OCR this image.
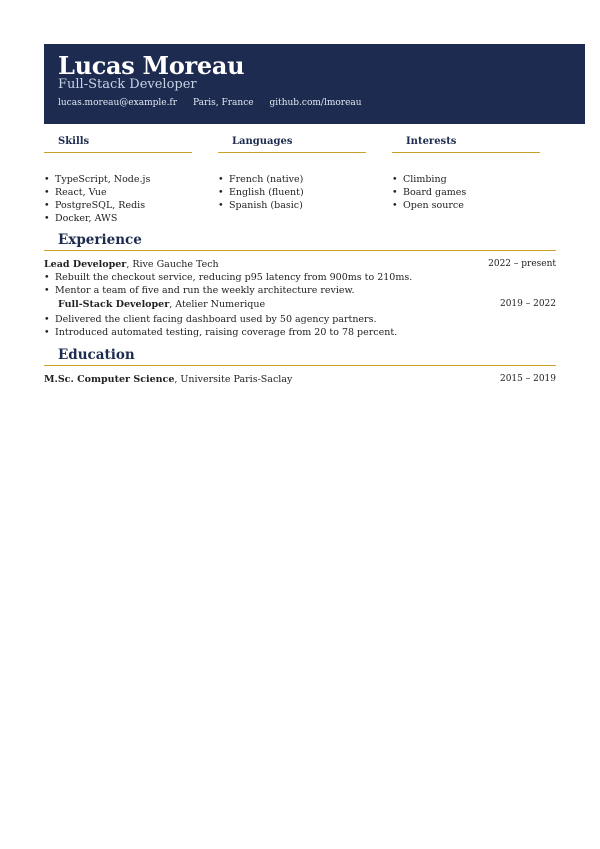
Lucas Moreau
Full-Stack Developer
lucas.moreau@example.fr Paris, France github.com/lmoreau
Skills
• TypeScript, Node.js
• React, Vue
• PostgreSQL, Redis
• Docker, AWS
Languages
• French (native)
• English (fluent)
• Spanish (basic)
Interests
• Climbing
• Board games
• Open source
Experience
Lead Developer, Rive Gauche Tech	2022 – present
• Rebuilt the checkout service, reducing p95 latency from 900ms to 210ms.
• Mentor a team of five and run the weekly architecture review.
Full-Stack Developer, Atelier Numerique	2019 – 2022
• Delivered the client facing dashboard used by 50 agency partners.
• Introduced automated testing, raising coverage from 20 to 78 percent.
Education
M.Sc. Computer Science, Universite Paris-Saclay	2015 – 2019
